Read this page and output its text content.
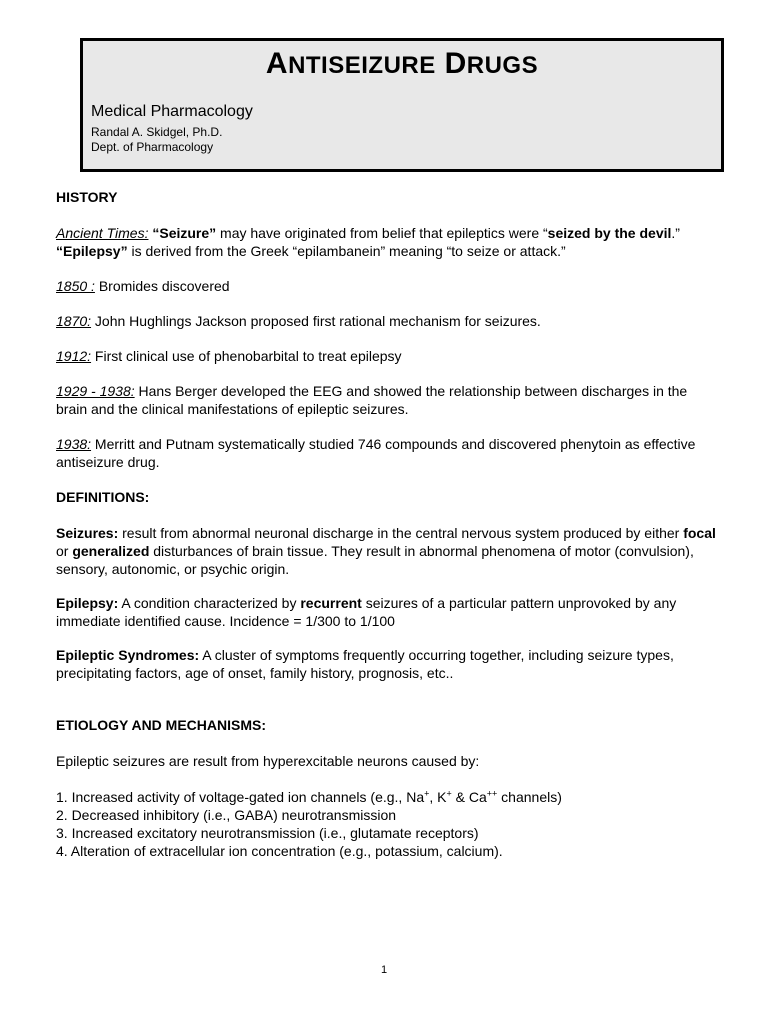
ANTISEIZURE DRUGS
Medical Pharmacology
Randal A. Skidgel, Ph.D.
Dept. of Pharmacology

HISTORY

Ancient Times: “Seizure” may have originated from belief that epileptics were “seized by the devil.” “Epilepsy” is derived from the Greek “epilambanein” meaning “to seize or attack.”

1850 : Bromides discovered

1870: John Hughlings Jackson proposed first rational mechanism for seizures.

1912: First clinical use of phenobarbital to treat epilepsy

1929 - 1938: Hans Berger developed the EEG and showed the relationship between discharges in the brain and the clinical manifestations of epileptic seizures.

1938: Merritt and Putnam systematically studied 746 compounds and discovered phenytoin as effective antiseizure drug.

DEFINITIONS:

Seizures: result from abnormal neuronal discharge in the central nervous system produced by either focal or generalized disturbances of brain tissue. They result in abnormal phenomena of motor (convulsion), sensory, autonomic, or psychic origin.

Epilepsy: A condition characterized by recurrent seizures of a particular pattern unprovoked by any immediate identified cause. Incidence = 1/300 to 1/100

Epileptic Syndromes: A cluster of symptoms frequently occurring together, including seizure types, precipitating factors, age of onset, family history, prognosis, etc..

ETIOLOGY AND MECHANISMS:

Epileptic seizures are result from hyperexcitable neurons caused by:

1. Increased activity of voltage-gated ion channels (e.g., Na+, K+ & Ca++ channels)
2. Decreased inhibitory (i.e., GABA) neurotransmission
3. Increased excitatory neurotransmission (i.e., glutamate receptors)
4. Alteration of extracellular ion concentration (e.g., potassium, calcium).
1
